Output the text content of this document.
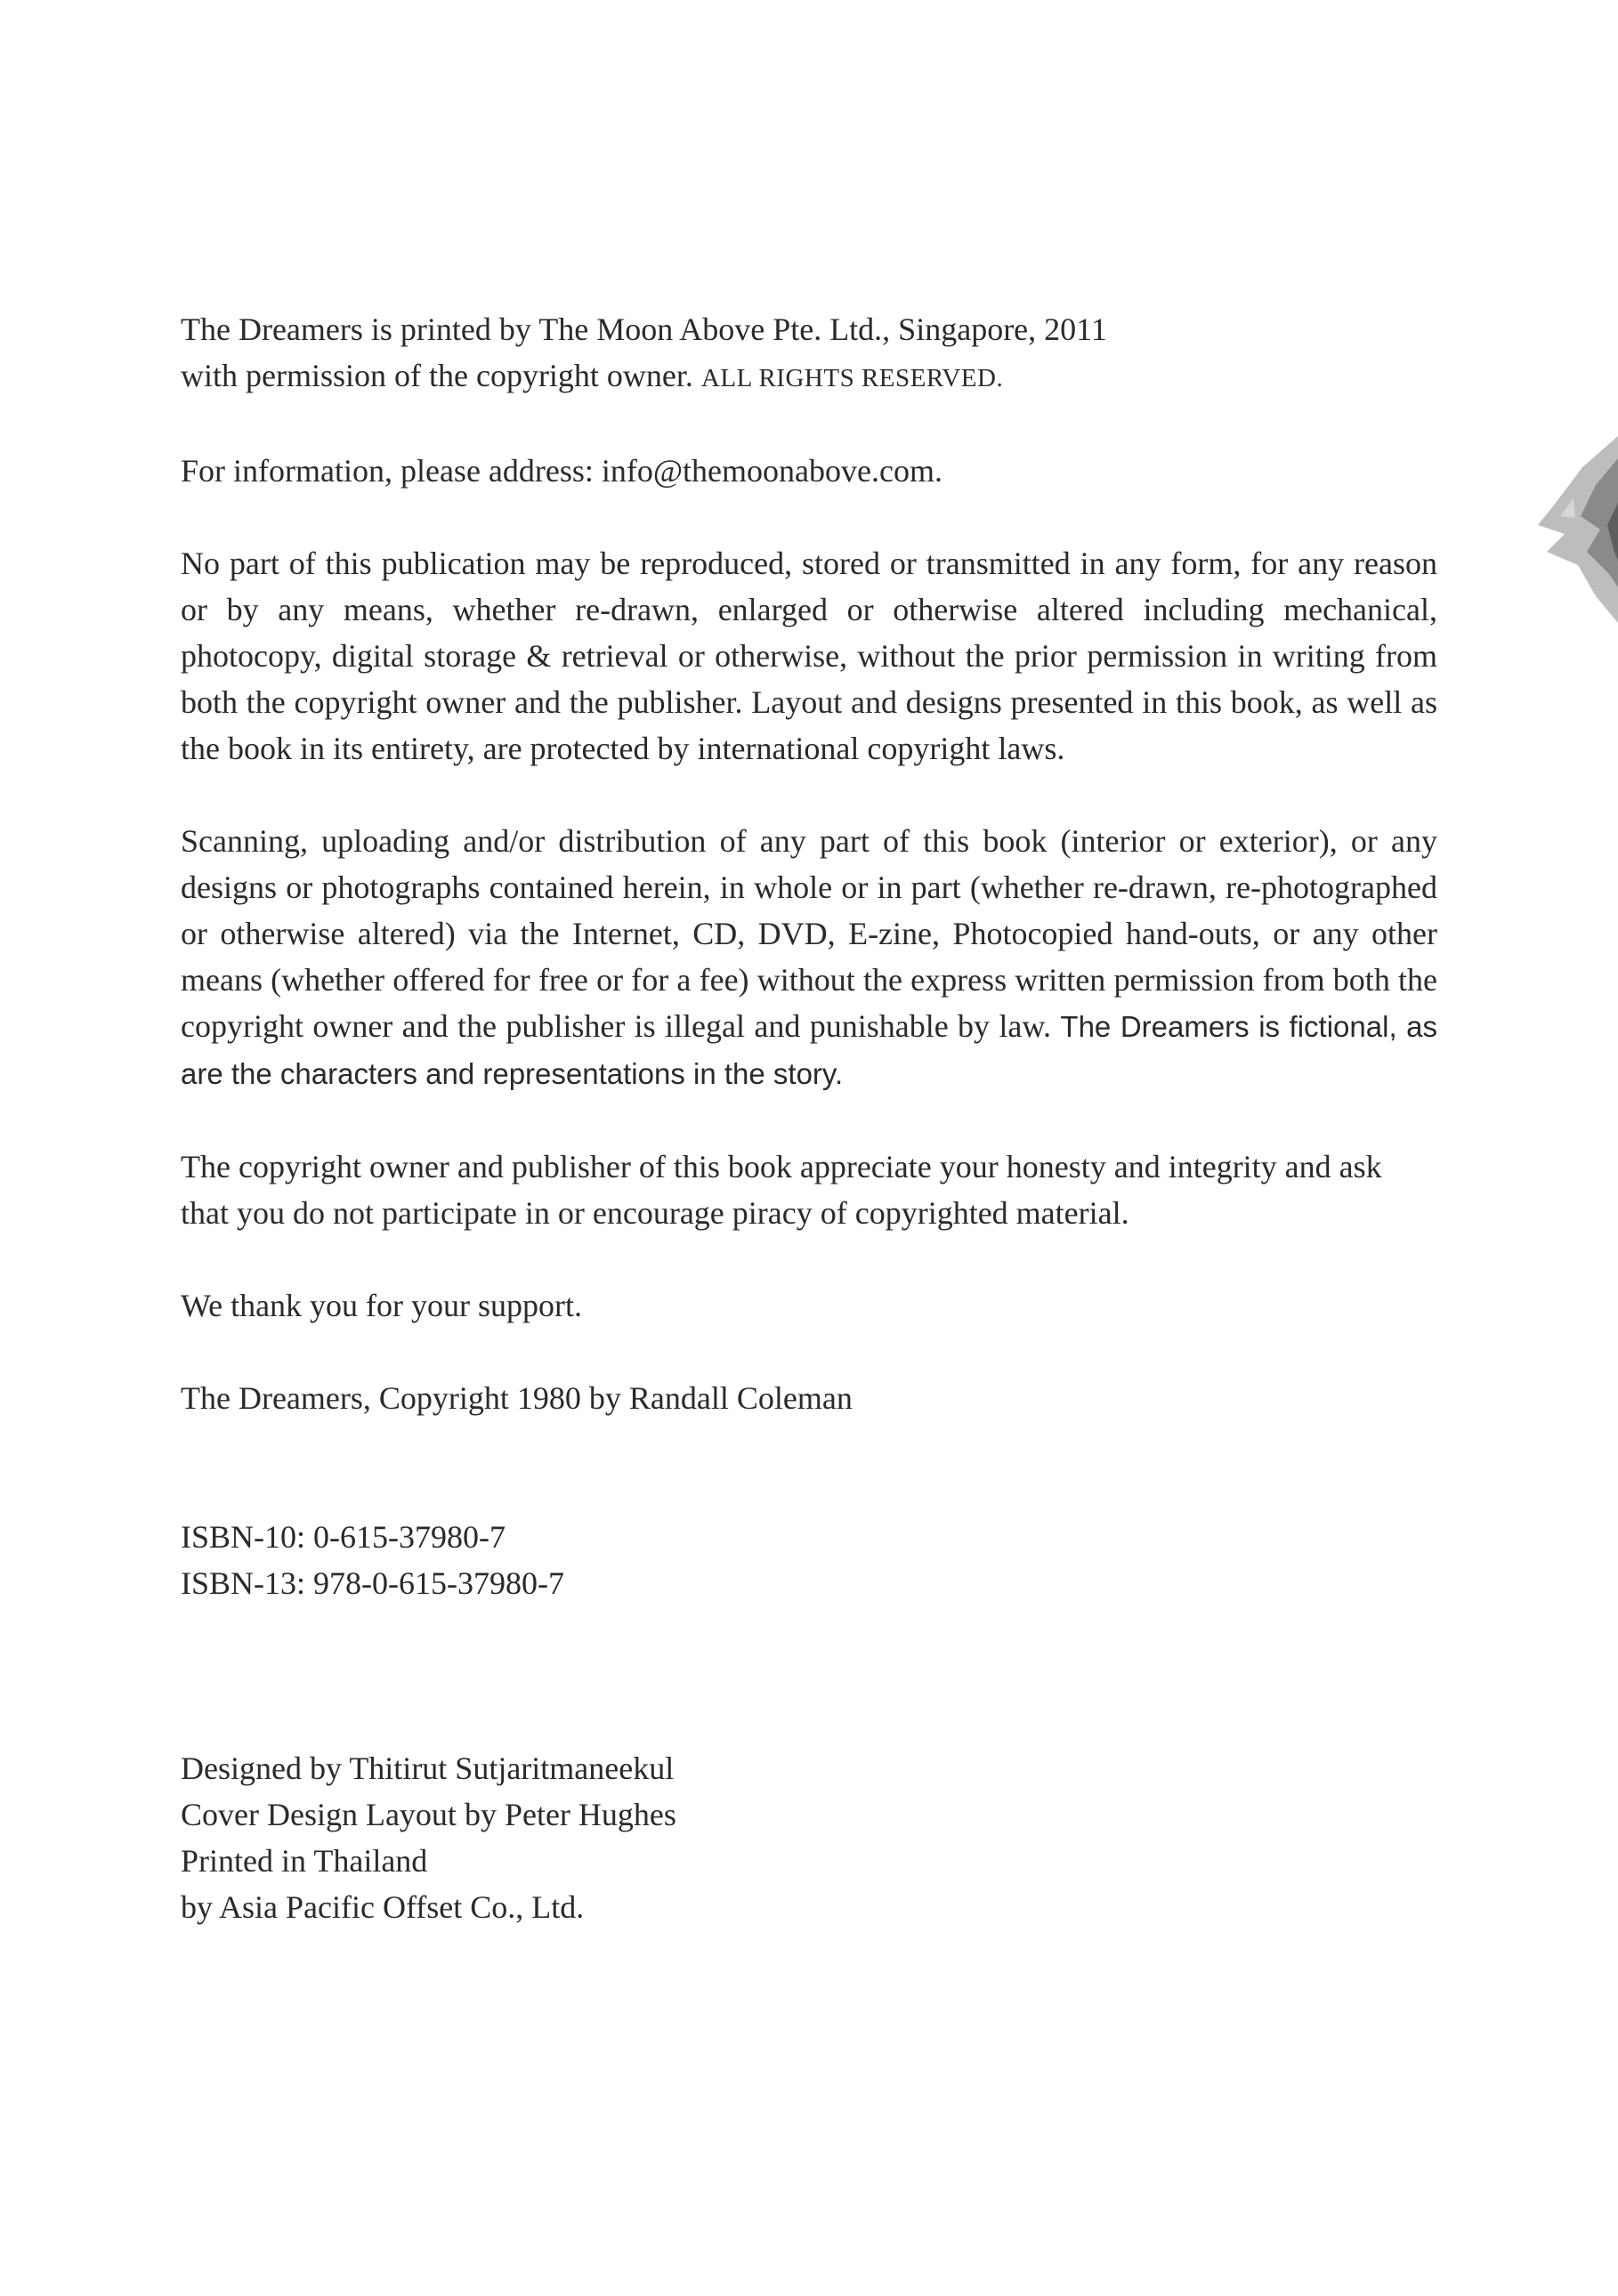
The Dreamers is printed by The Moon Above Pte. Ltd., Singapore, 2011
with permission of the copyright owner. ALL RIGHTS RESERVED.

For information, please address: info@themoonabove.com.

No part of this publication may be reproduced, stored or transmitted in any form, for any reason or by any means, whether re-drawn, enlarged or otherwise altered including mechanical, photocopy, digital storage & retrieval or otherwise, without the prior permission in writing from both the copyright owner and the publisher. Layout and designs presented in this book, as well as the book in its entirety, are protected by international copyright laws.

Scanning, uploading and/or distribution of any part of this book (interior or exterior), or any designs or photographs contained herein, in whole or in part (whether re-drawn, re-photographed or otherwise altered) via the Internet, CD, DVD, E-zine, Photocopied hand-outs, or any other means (whether offered for free or for a fee) without the express written permission from both the copyright owner and the publisher is illegal and punishable by law. The Dreamers is fictional, as are the characters and representations in the story.

The copyright owner and publisher of this book appreciate your honesty and integrity and ask that you do not participate in or encourage piracy of copyrighted material.

We thank you for your support.

The Dreamers, Copyright 1980 by Randall Coleman

ISBN-10: 0-615-37980-7
ISBN-13: 978-0-615-37980-7

Designed by Thitirut Sutjaritmaneekul
Cover Design Layout by Peter Hughes
Printed in Thailand
by Asia Pacific Offset Co., Ltd.
